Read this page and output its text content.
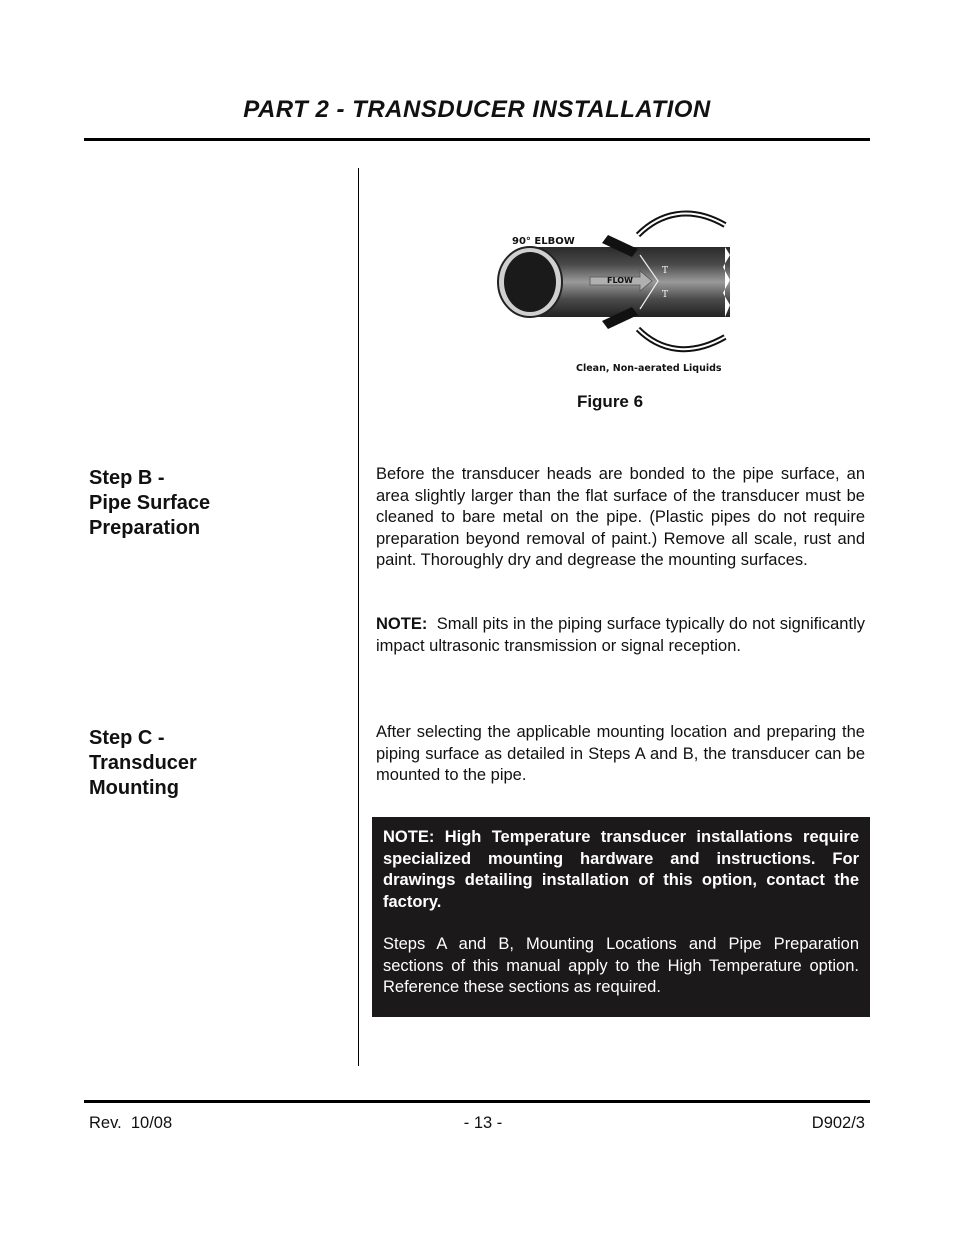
PART 2 - TRANSDUCER INSTALLATION
FLOW
T
T
90° ELBOW
Clean, Non-aerated Liquids
Figure 6
Step B -
Pipe Surface
Preparation
Before the transducer heads are bonded to the pipe surface, an area slightly larger than the flat surface of the transducer must be cleaned to bare metal on the pipe. (Plastic pipes do not require preparation beyond removal of paint.) Remove all scale, rust and paint. Thoroughly dry and degrease the mounting surfaces.
NOTE:  Small pits in the piping surface typically do not significantly impact ultrasonic transmission or signal reception.
Step C -
Transducer
Mounting
After selecting the applicable mounting location and preparing the piping surface as detailed in Steps A and B, the transducer can be mounted to the pipe.
NOTE: High Temperature transducer installations require specialized mounting hardware and instructions. For drawings detailing installation of this option, contact the factory.
Steps A and B, Mounting Locations and Pipe Preparation sections of this manual apply to the High Temperature option. Reference these sections as required.
Rev.  10/08	- 13 -	D902/3
